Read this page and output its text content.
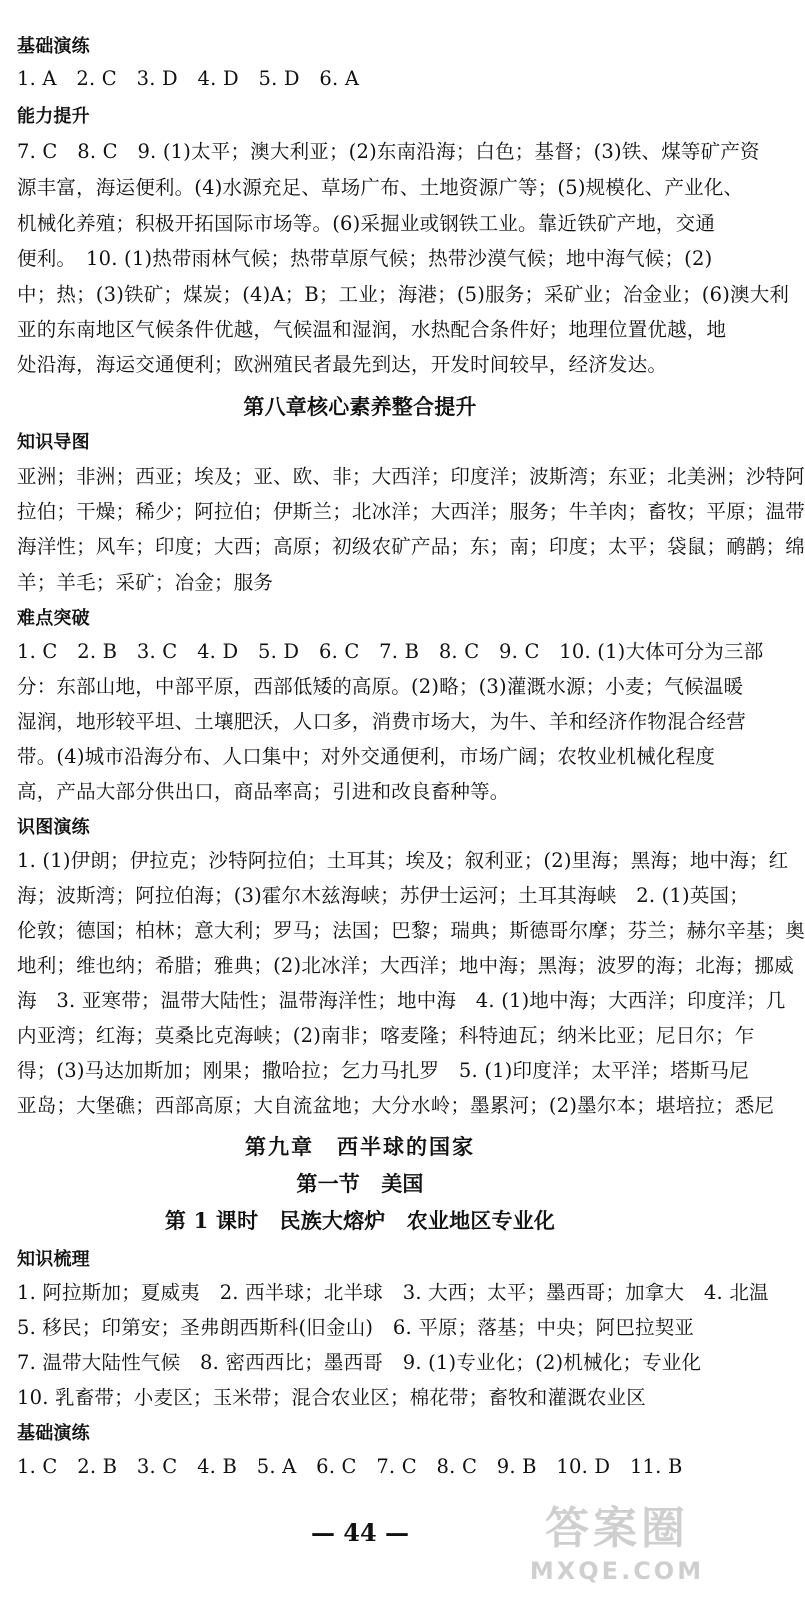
基础演练
1. A　2. C　3. D　4. D　5. D　6. A
能力提升
7. C　8. C　9. (1)太平；澳大利亚；(2)东南沿海；白色；基督；(3)铁、煤等矿产资
源丰富，海运便利。(4)水源充足、草场广布、土地资源广等；(5)规模化、产业化、
机械化养殖；积极开拓国际市场等。(6)采掘业或钢铁工业。靠近铁矿产地，交通
便利。　10. (1)热带雨林气候；热带草原气候；热带沙漠气候；地中海气候；(2)
中；热；(3)铁矿；煤炭；(4)A；B；工业；海港；(5)服务；采矿业；冶金业；(6)澳大利
亚的东南地区气候条件优越，气候温和湿润，水热配合条件好；地理位置优越，地
处沿海，海运交通便利；欧洲殖民者最先到达，开发时间较早，经济发达。
第八章核心素养整合提升
知识导图
亚洲；非洲；西亚；埃及；亚、欧、非；大西洋；印度洋；波斯湾；东亚；北美洲；沙特阿
拉伯；干燥；稀少；阿拉伯；伊斯兰；北冰洋；大西洋；服务；牛羊肉；畜牧；平原；温带
海洋性；风车；印度；大西；高原；初级农矿产品；东；南；印度；太平；袋鼠；鸸鹋；绵
羊；羊毛；采矿；冶金；服务
难点突破
1. C　2. B　3. C　4. D　5. D　6. C　7. B　8. C　9. C　10. (1)大体可分为三部
分：东部山地，中部平原，西部低矮的高原。(2)略；(3)灌溉水源；小麦；气候温暖
湿润，地形较平坦、土壤肥沃，人口多，消费市场大，为牛、羊和经济作物混合经营
带。(4)城市沿海分布、人口集中；对外交通便利，市场广阔；农牧业机械化程度
高，产品大部分供出口，商品率高；引进和改良畜种等。
识图演练
1. (1)伊朗；伊拉克；沙特阿拉伯；土耳其；埃及；叙利亚；(2)里海；黑海；地中海；红
海；波斯湾；阿拉伯海；(3)霍尔木兹海峡；苏伊士运河；土耳其海峡　2. (1)英国；
伦敦；德国；柏林；意大利；罗马；法国；巴黎；瑞典；斯德哥尔摩；芬兰；赫尔辛基；奥
地利；维也纳；希腊；雅典；(2)北冰洋；大西洋；地中海；黑海；波罗的海；北海；挪威
海　3. 亚寒带；温带大陆性；温带海洋性；地中海　4. (1)地中海；大西洋；印度洋；几
内亚湾；红海；莫桑比克海峡；(2)南非；喀麦隆；科特迪瓦；纳米比亚；尼日尔；乍
得；(3)马达加斯加；刚果；撒哈拉；乞力马扎罗　5. (1)印度洋；太平洋；塔斯马尼
亚岛；大堡礁；西部高原；大自流盆地；大分水岭；墨累河；(2)墨尔本；堪培拉；悉尼
第九章　西半球的国家
第一节　美国
第 1 课时　民族大熔炉　农业地区专业化
知识梳理
1. 阿拉斯加；夏威夷　2. 西半球；北半球　3. 大西；太平；墨西哥；加拿大　4. 北温
5. 移民；印第安；圣弗朗西斯科(旧金山)　6. 平原；落基；中央；阿巴拉契亚
7. 温带大陆性气候　8. 密西西比；墨西哥　9. (1)专业化；(2)机械化；专业化
10. 乳畜带；小麦区；玉米带；混合农业区；棉花带；畜牧和灌溉农业区
基础演练
1. C　2. B　3. C　4. B　5. A　6. C　7. C　8. C　9. B　10. D　11. B
— 44 —	答案圈
MXQE.COM
